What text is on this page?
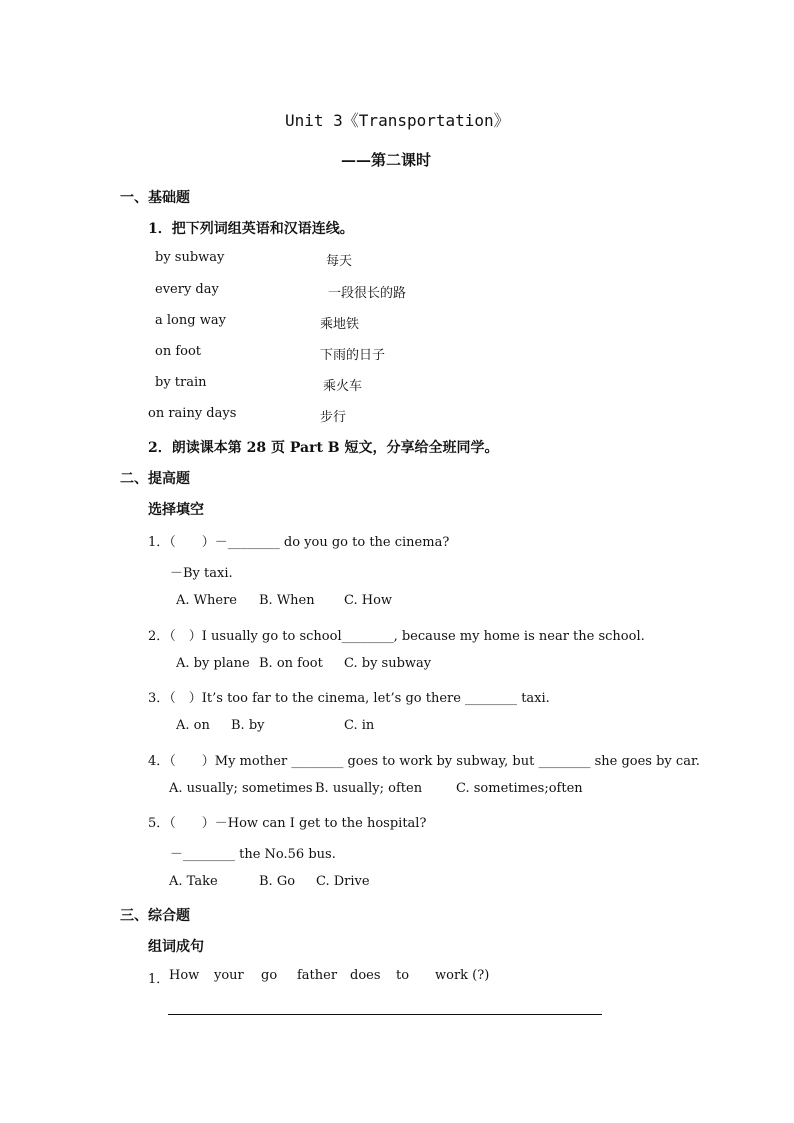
Unit 3《Transportation》
——第二课时
一、基础题
1．把下列词组英语和汉语连线。
by subway	每天
every day	一段很长的路
a long way	乘地铁
on foot	下雨的日子
by train	乘火车
on rainy days	步行
2．朗读课本第 28 页 Part B 短文，分享给全班同学。
二、提高题
选择填空
1．（　　）－________ do you go to the cinema?
－By taxi.
A. Where B. When C. How
2．（　）I usually go to school________, because my home is near the school.
A. by plane B. on foot C. by subway
3．（　）It’s too far to the cinema, let’s go there ________ taxi.
A. on B. by	C. in
4．（　　）My mother ________ goes to work by subway, but ________ she goes by car.
A. usually; sometimes B. usually; often	C. sometimes;often
5．（　　）－How can I get to the hospital?
－________ the No.56 bus.
A. Take	B. Go C. Drive
三、综合题
组词成句
1． How your go father does to work (?)
